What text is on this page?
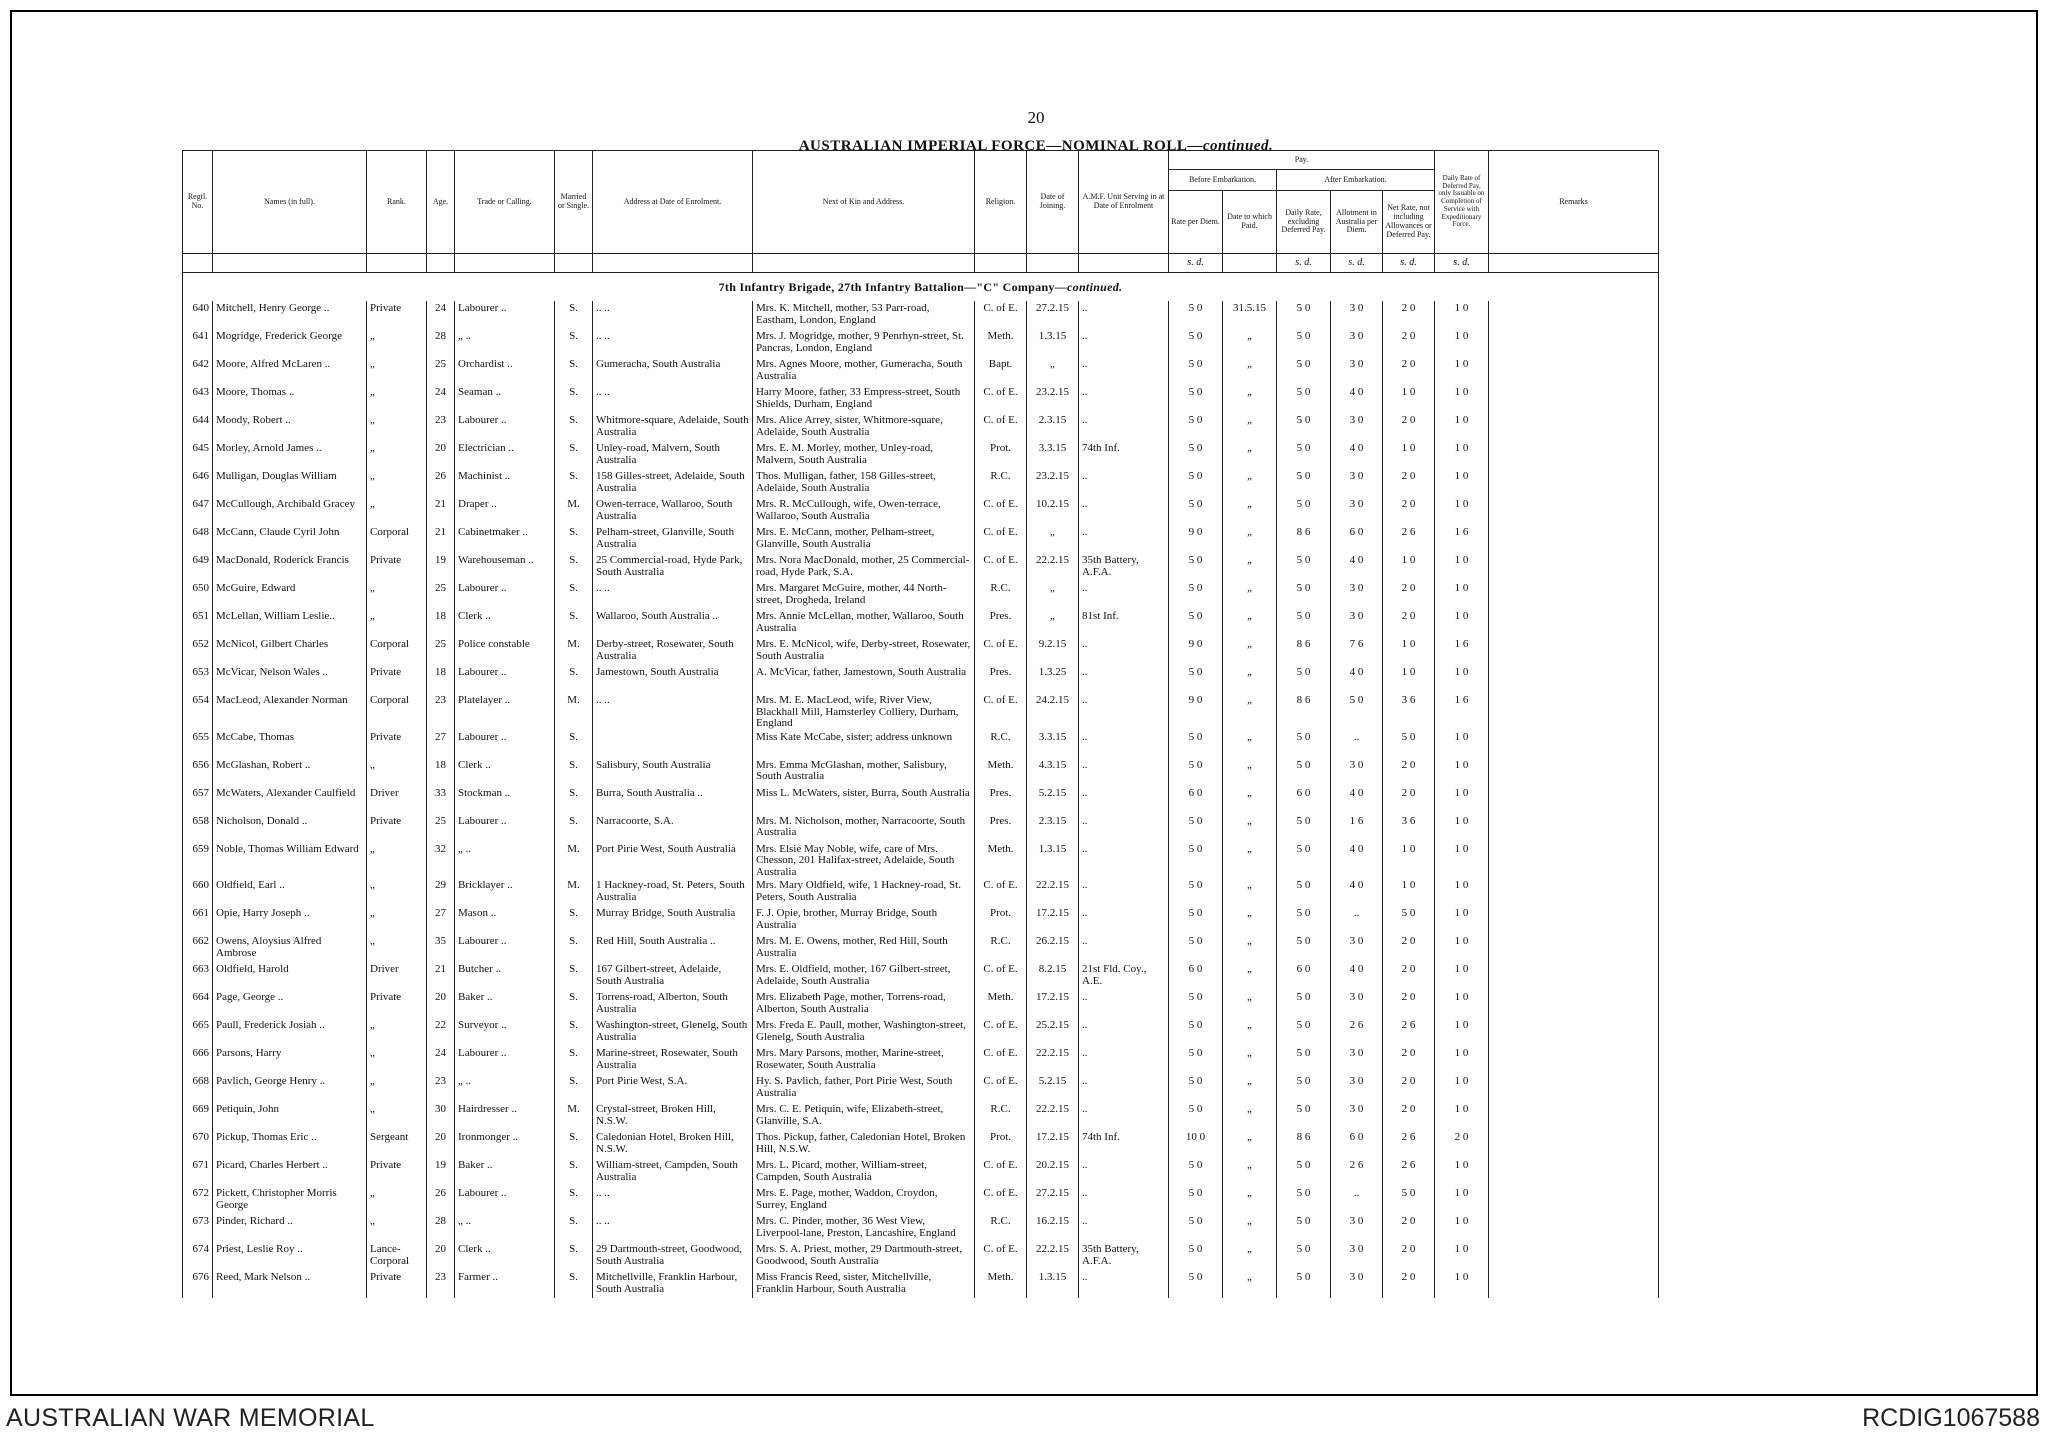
20
AUSTRALIAN IMPERIAL FORCE—NOMINAL ROLL—continued.
Regtl. No.	Names (in full).	Rank.	Age.	Trade or Calling.	Married or Single.	Address at Date of Enrolment.	Next of Kin and Address.	Religion.	Date of Joining.	A.M.F. Unit Serving in at Date of Enrolment	Pay.					Daily Rate of Deferred Pay, only Issuable on Completion of Service with Expeditionary Force.	Remarks
											Before Embarkation.		After Embarkation.				
											Rate per Diem.	Date to which Paid.	Daily Rate, excluding Deferred Pay.	Allotment in Australia per Diem.	Net Rate, not including Allowances or Deferred Pay.		
											s. d.		s. d.	s. d.	s. d.	s. d.	
7th Infantry Brigade, 27th Infantry Battalion—"C" Company—continued.																	
640	Mitchell, Henry George ..	Private	24	Labourer ..	S.	.. ..	Mrs. K. Mitchell, mother, 53 Parr-road, Eastham, London, England	C. of E.	27.2.15	..	5 0	31.5.15	5 0	3 0	2 0	1 0	
641	Mogridge, Frederick George	„	28	„ ..	S.	.. ..	Mrs. J. Mogridge, mother, 9 Penrhyn-street, St. Pancras, London, England	Meth.	1.3.15	..	5 0	„	5 0	3 0	2 0	1 0	
642	Moore, Alfred McLaren ..	„	25	Orchardist ..	S.	Gumeracha, South Australia	Mrs. Agnes Moore, mother, Gumeracha, South Australia	Bapt.	„	..	5 0	„	5 0	3 0	2 0	1 0	
643	Moore, Thomas ..	„	24	Seaman ..	S.	.. ..	Harry Moore, father, 33 Empress-street, South Shields, Durham, England	C. of E.	23.2.15	..	5 0	„	5 0	4 0	1 0	1 0	
644	Moody, Robert ..	„	23	Labourer ..	S.	Whitmore-square, Adelaide, South Australia	Mrs. Alice Arrey, sister, Whitmore-square, Adelaide, South Australia	C. of E.	2.3.15	..	5 0	„	5 0	3 0	2 0	1 0	
645	Morley, Arnold James ..	„	20	Electrician ..	S.	Unley-road, Malvern, South Australia	Mrs. E. M. Morley, mother, Unley-road, Malvern, South Australia	Prot.	3.3.15	74th Inf.	5 0	„	5 0	4 0	1 0	1 0	
646	Mulligan, Douglas William	„	26	Machinist ..	S.	158 Gilles-street, Adelaide, South Australia	Thos. Mulligan, father, 158 Gilles-street, Adelaide, South Australia	R.C.	23.2.15	..	5 0	„	5 0	3 0	2 0	1 0	
647	McCullough, Archibald Gracey	„	21	Draper ..	M.	Owen-terrace, Wallaroo, South Australia	Mrs. R. McCullough, wife, Owen-terrace, Wallaroo, South Australia	C. of E.	10.2.15	..	5 0	„	5 0	3 0	2 0	1 0	
648	McCann, Claude Cyril John	Corporal	21	Cabinetmaker ..	S.	Pelham-street, Glanville, South Australia	Mrs. E. McCann, mother, Pelham-street, Glanville, South Australia	C. of E.	„	..	9 0	„	8 6	6 0	2 6	1 6	
649	MacDonald, Roderick Francis	Private	19	Warehouseman ..	S.	25 Commercial-road, Hyde Park, South Australia	Mrs. Nora MacDonald, mother, 25 Commercial-road, Hyde Park, S.A.	C. of E.	22.2.15	35th Battery, A.F.A.	5 0	„	5 0	4 0	1 0	1 0	
650	McGuire, Edward	„	25	Labourer ..	S.	.. ..	Mrs. Margaret McGuire, mother, 44 North-street, Drogheda, Ireland	R.C.	„	..	5 0	„	5 0	3 0	2 0	1 0	
651	McLellan, William Leslie..	„	18	Clerk ..	S.	Wallaroo, South Australia ..	Mrs. Annie McLellan, mother, Wallaroo, South Australia	Pres.	„	81st Inf.	5 0	„	5 0	3 0	2 0	1 0	
652	McNicol, Gilbert Charles	Corporal	25	Police constable	M.	Derby-street, Rosewater, South Australia	Mrs. E. McNicol, wife, Derby-street, Rosewater, South Australia	C. of E.	9.2.15	..	9 0	„	8 6	7 6	1 0	1 6	
653	McVicar, Nelson Wales ..	Private	18	Labourer ..	S.	Jamestown, South Australia	A. McVicar, father, Jamestown, South Australia	Pres.	1.3.25	..	5 0	„	5 0	4 0	1 0	1 0	
654	MacLeod, Alexander Norman	Corporal	23	Platelayer ..	M.	.. ..	Mrs. M. E. MacLeod, wife, River View, Blackhall Mill, Hamsterley Colliery, Durham, England	C. of E.	24.2.15	..	9 0	„	8 6	5 0	3 6	1 6	
655	McCabe, Thomas	Private	27	Labourer ..	S.		Miss Kate McCabe, sister; address unknown	R.C.	3.3.15	..	5 0	„	5 0	..	5 0	1 0	
656	McGlashan, Robert ..	„	18	Clerk ..	S.	Salisbury, South Australia	Mrs. Emma McGlashan, mother, Salisbury, South Australia	Meth.	4.3.15	..	5 0	„	5 0	3 0	2 0	1 0	
657	McWaters, Alexander Caulfield	Driver	33	Stockman ..	S.	Burra, South Australia ..	Miss L. McWaters, sister, Burra, South Australia	Pres.	5.2.15	..	6 0	„	6 0	4 0	2 0	1 0	
658	Nicholson, Donald ..	Private	25	Labourer ..	S.	Narracoorte, S.A.	Mrs. M. Nicholson, mother, Narracoorte, South Australia	Pres.	2.3.15	..	5 0	„	5 0	1 6	3 6	1 0	
659	Noble, Thomas William Edward	„	32	„ ..	M.	Port Pirie West, South Australia	Mrs. Elsie May Noble, wife, care of Mrs. Chesson, 201 Halifax-street, Adelaide, South Australia	Meth.	1.3.15	..	5 0	„	5 0	4 0	1 0	1 0	
660	Oldfield, Earl ..	„	29	Bricklayer ..	M.	1 Hackney-road, St. Peters, South Australia	Mrs. Mary Oldfield, wife, 1 Hackney-road, St. Peters, South Australia	C. of E.	22.2.15	..	5 0	„	5 0	4 0	1 0	1 0	
661	Opie, Harry Joseph ..	„	27	Mason ..	S.	Murray Bridge, South Australia	F. J. Opie, brother, Murray Bridge, South Australia	Prot.	17.2.15	..	5 0	„	5 0	..	5 0	1 0	
662	Owens, Aloysius Alfred Ambrose	„	35	Labourer ..	S.	Red Hill, South Australia ..	Mrs. M. E. Owens, mother, Red Hill, South Australia	R.C.	26.2.15	..	5 0	„	5 0	3 0	2 0	1 0	
663	Oldfield, Harold	Driver	21	Butcher ..	S.	167 Gilbert-street, Adelaide, South Australia	Mrs. E. Oldfield, mother, 167 Gilbert-street, Adelaide, South Australia	C. of E.	8.2.15	21st Fld. Coy., A.E.	6 0	„	6 0	4 0	2 0	1 0	
664	Page, George ..	Private	20	Baker ..	S.	Torrens-road, Alberton, South Australia	Mrs. Elizabeth Page, mother, Torrens-road, Alberton, South Australia	Meth.	17.2.15	..	5 0	„	5 0	3 0	2 0	1 0	
665	Paull, Frederick Josiah ..	„	22	Surveyor ..	S.	Washington-street, Glenelg, South Australia	Mrs. Freda E. Paull, mother, Washington-street, Glenelg, South Australia	C. of E.	25.2.15	..	5 0	„	5 0	2 6	2 6	1 0	
666	Parsons, Harry	„	24	Labourer ..	S.	Marine-street, Rosewater, South Australia	Mrs. Mary Parsons, mother, Marine-street, Rosewater, South Australia	C. of E.	22.2.15	..	5 0	„	5 0	3 0	2 0	1 0	
668	Pavlich, George Henry ..	„	23	„ ..	S.	Port Pirie West, S.A.	Hy. S. Pavlich, father, Port Pirie West, South Australia	C. of E.	5.2.15	..	5 0	„	5 0	3 0	2 0	1 0	
669	Petiquin, John	„	30	Hairdresser ..	M.	Crystal-street, Broken Hill, N.S.W.	Mrs. C. E. Petiquin, wife, Elizabeth-street, Glanville, S.A.	R.C.	22.2.15	..	5 0	„	5 0	3 0	2 0	1 0	
670	Pickup, Thomas Eric ..	Sergeant	20	Ironmonger ..	S.	Caledonian Hotel, Broken Hill, N.S.W.	Thos. Pickup, father, Caledonian Hotel, Broken Hill, N.S.W.	Prot.	17.2.15	74th Inf.	10 0	„	8 6	6 0	2 6	2 0	
671	Picard, Charles Herbert ..	Private	19	Baker ..	S.	William-street, Campden, South Australia	Mrs. L. Picard, mother, William-street, Campden, South Australia	C. of E.	20.2.15	..	5 0	„	5 0	2 6	2 6	1 0	
672	Pickett, Christopher Morris George	„	26	Labourer ..	S.	.. ..	Mrs. E. Page, mother, Waddon, Croydon, Surrey, England	C. of E.	27.2.15	..	5 0	„	5 0	..	5 0	1 0	
673	Pinder, Richard ..	„	28	„ ..	S.	.. ..	Mrs. C. Pinder, mother, 36 West View, Liverpool-lane, Preston, Lancashire, England	R.C.	16.2.15	..	5 0	„	5 0	3 0	2 0	1 0	
674	Priest, Leslie Roy ..	Lance-Corporal	20	Clerk ..	S.	29 Dartmouth-street, Goodwood, South Australia	Mrs. S. A. Priest, mother, 29 Dartmouth-street, Goodwood, South Australia	C. of E.	22.2.15	35th Battery, A.F.A.	5 0	„	5 0	3 0	2 0	1 0	
676	Reed, Mark Nelson ..	Private	23	Farmer ..	S.	Mitchellville, Franklin Harbour, South Australia	Miss Francis Reed, sister, Mitchellville, Franklin Harbour, South Australia	Meth.	1.3.15	..	5 0	„	5 0	3 0	2 0	1 0	
AUSTRALIAN WAR MEMORIAL	RCDIG1067588
